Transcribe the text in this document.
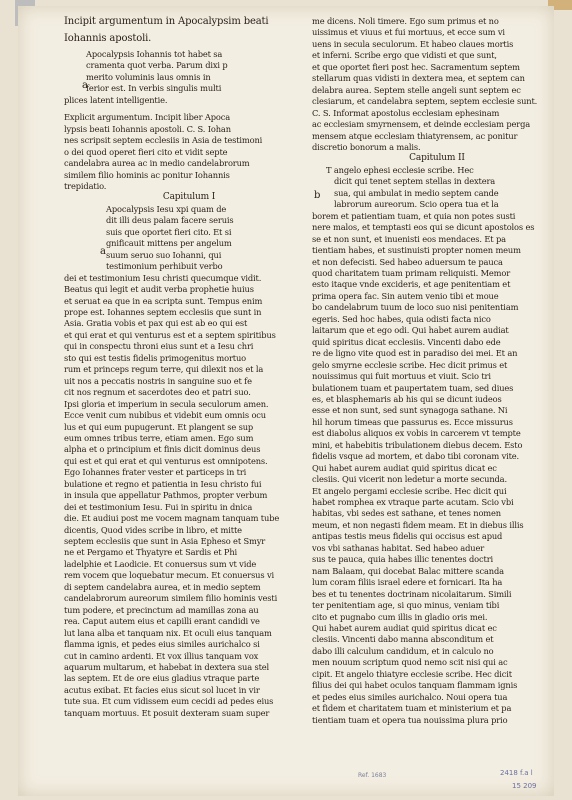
Incipit argumentum in Apocalypsim beati

Iohannis apostoli.

Apocalypsis Iohannis tot habet sa

cramenta quot verba. Parum dixi p

merito voluminis laus omnis in

ferior est. In verbis singulis multi

plices latent intelligentie.

Explicit argumentum. Incipit liber Apoca

lypsis beati Iohannis apostoli. C. S. Iohan

nes scripsit septem ecclesiis in Asia de testimoni

o dei quod operet fieri cito et vidit septe

candelabra aurea ac in medio candelabrorum

similem filio hominis ac ponitur Iohannis

trepidatio.

Capitulum I

Apocalypsis Iesu xpi quam de

dit illi deus palam facere seruis

suis que oportet fieri cito. Et si

gnificauit mittens per angelum

suum seruo suo Iohanni, qui

testimonium perhibuit verbo

dei et testimonium Iesu christi quecumque vidit.

Beatus qui legit et audit verba prophetie huius

et seruat ea que in ea scripta sunt. Tempus enim

prope est. Iohannes septem ecclesiis que sunt in

Asia. Gratia vobis et pax qui est ab eo qui est

et qui erat et qui venturus est et a septem spiritibus

qui in conspectu throni eius sunt et a Iesu chri

sto qui est testis fidelis primogenitus mortuo

rum et princeps regum terre, qui dilexit nos et la

uit nos a peccatis nostris in sanguine suo et fe

cit nos regnum et sacerdotes deo et patri suo.

Ipsi gloria et imperium in secula seculorum amen.

Ecce venit cum nubibus et videbit eum omnis ocu

lus et qui eum pupugerunt. Et plangent se sup

eum omnes tribus terre, etiam amen. Ego sum

alpha et o principium et finis dicit dominus deus

qui est et qui erat et qui venturus est omnipotens.

Ego Iohannes frater vester et particeps in tri

bulatione et regno et patientia in Iesu christo fui

in insula que appellatur Pathmos, propter verbum

dei et testimonium Iesu. Fui in spiritu in dnica

die. Et audiui post me vocem magnam tanquam tube

dicentis, Quod vides scribe in libro, et mitte

septem ecclesiis que sunt in Asia Epheso et Smyr

ne et Pergamo et Thyatyre et Sardis et Phi

ladelphie et Laodicie. Et conuersus sum vt vide

rem vocem que loquebatur mecum. Et conuersus vi

di septem candelabra aurea, et in medio septem

candelabrorum aureorum similem filio hominis vesti

tum podere, et precinctum ad mamillas zona au

rea. Caput autem eius et capilli erant candidi ve

lut lana alba et tanquam nix. Et oculi eius tanquam

flamma ignis, et pedes eius similes aurichalco si

cut in camino ardenti. Et vox illius tanquam vox

aquarum multarum, et habebat in dextera sua stel

las septem. Et de ore eius gladius vtraque parte

acutus exibat. Et facies eius sicut sol lucet in vir

tute sua. Et cum vidissem eum cecidi ad pedes eius

tanquam mortuus. Et posuit dexteram suam super

me dicens. Noli timere. Ego sum primus et no

uissimus et viuus et fui mortuus, et ecce sum vi

uens in secula seculorum. Et habeo claues mortis

et inferni. Scribe ergo que vidisti et que sunt,

et que oportet fieri post hec. Sacramentum septem

stellarum quas vidisti in dextera mea, et septem can

delabra aurea. Septem stelle angeli sunt septem ec

clesiarum, et candelabra septem, septem ecclesie sunt.

C. S. Informat apostolus ecclesiam ephesinam

ac ecclesiam smyrnensem, et deinde ecclesiam perga

mensem atque ecclesiam thiatyrensem, ac ponitur

discretio bonorum a malis.

Capitulum II

T angelo ephesi ecclesie scribe. Hec

dicit qui tenet septem stellas in dextera

sua, qui ambulat in medio septem cande

labrorum aureorum. Scio opera tua et la

borem et patientiam tuam, et quia non potes susti

nere malos, et temptasti eos qui se dicunt apostolos es

se et non sunt, et inuenisti eos mendaces. Et pa

tientiam habes, et sustinuisti propter nomen meum

et non defecisti. Sed habeo aduersum te pauca

quod charitatem tuam primam reliquisti. Memor

esto itaque vnde excideris, et age penitentiam et

prima opera fac. Sin autem venio tibi et moue

bo candelabrum tuum de loco suo nisi penitentiam

egeris. Sed hoc habes, quia odisti facta nico

laitarum que et ego odi. Qui habet aurem audiat

quid spiritus dicat ecclesiis. Vincenti dabo ede

re de ligno vite quod est in paradiso dei mei. Et an

gelo smyrne ecclesie scribe. Hec dicit primus et

nouissimus qui fuit mortuus et viuit. Scio tri

bulationem tuam et paupertatem tuam, sed diues

es, et blasphemaris ab his qui se dicunt iudeos

esse et non sunt, sed sunt synagoga sathane. Ni

hil horum timeas que passurus es. Ecce missurus

est diabolus aliquos ex vobis in carcerem vt tempte

mini, et habebitis tribulationem diebus decem. Esto

fidelis vsque ad mortem, et dabo tibi coronam vite.

Qui habet aurem audiat quid spiritus dicat ec

clesiis. Qui vicerit non ledetur a morte secunda.

Et angelo pergami ecclesie scribe. Hec dicit qui

habet romphea ex vtraque parte acutam. Scio vbi

habitas, vbi sedes est sathane, et tenes nomen

meum, et non negasti fidem meam. Et in diebus illis

antipas testis meus fidelis qui occisus est apud

vos vbi sathanas habitat. Sed habeo aduer

sus te pauca, quia habes illic tenentes doctri

nam Balaam, qui docebat Balac mittere scanda

lum coram filiis israel edere et fornicari. Ita ha

bes et tu tenentes doctrinam nicolaitarum. Simili

ter penitentiam age, si quo minus, veniam tibi

cito et pugnabo cum illis in gladio oris mei.

Qui habet aurem audiat quid spiritus dicat ec

clesiis. Vincenti dabo manna absconditum et

dabo illi calculum candidum, et in calculo no

men nouum scriptum quod nemo scit nisi qui ac

cipit. Et angelo thiatyre ecclesie scribe. Hec dicit

filius dei qui habet oculos tanquam flammam ignis

et pedes eius similes aurichalco. Noui opera tua

et fidem et charitatem tuam et ministerium et pa

tientiam tuam et opera tua nouissima plura prio

a
a
b
Ref. 1683	2418 f.a l
15 209
